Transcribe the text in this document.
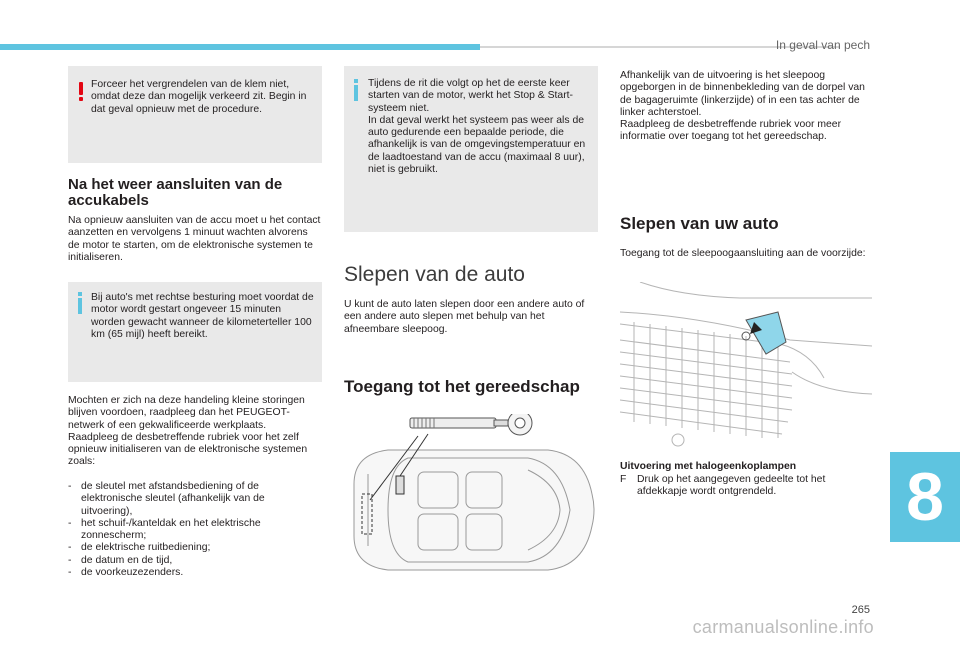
In geval van pech
Forceer het vergrendelen van de klem niet, omdat deze dan mogelijk verkeerd zit. Begin in dat geval opnieuw met de procedure.
Na het weer aansluiten van de accukabels
Na opnieuw aansluiten van de accu moet u het contact aanzetten en vervolgens 1 minuut wachten alvorens de motor te starten, om de elektronische systemen te initialiseren.
Bij auto's met rechtse besturing moet voordat de motor wordt gestart ongeveer 15 minuten worden gewacht wanneer de kilometerteller 100 km (65 mijl) heeft bereikt.
Mochten er zich na deze handeling kleine storingen blijven voordoen, raadpleeg dan het PEUGEOT-netwerk of een gekwalificeerde werkplaats.
Raadpleeg de desbetreffende rubriek voor het zelf opnieuw initialiseren van de elektronische systemen zoals:
- de sleutel met afstandsbediening of de elektronische sleutel (afhankelijk van de uitvoering),
- het schuif-/kanteldak en het elektrische zonnescherm;
- de elektrische ruitbediening;
- de datum en de tijd,
- de voorkeuzezenders.
Tijdens de rit die volgt op het de eerste keer starten van de motor, werkt het Stop & Start-systeem niet.
In dat geval werkt het systeem pas weer als de auto gedurende een bepaalde periode, die afhankelijk is van de omgevingstemperatuur en de laadtoestand van de accu (maximaal 8 uur), niet is gebruikt.
Slepen van de auto
U kunt de auto laten slepen door een andere auto of een andere auto slepen met behulp van het afneembare sleepoog.
Toegang tot het gereedschap
Afhankelijk van de uitvoering is het sleepoog opgeborgen in de binnenbekleding van de dorpel van de bagageruimte (linkerzijde) of in een tas achter de linker achterstoel.
Raadpleeg de desbetreffende rubriek voor meer informatie over toegang tot het gereedschap.
Slepen van uw auto
Toegang tot de sleepoogaansluiting aan de voorzijde:
Uitvoering met halogeenkoplampen
F	Druk op het aangegeven gedeelte tot het afdekkapje wordt ontgrendeld.	8
265
carmanualsonline.info
